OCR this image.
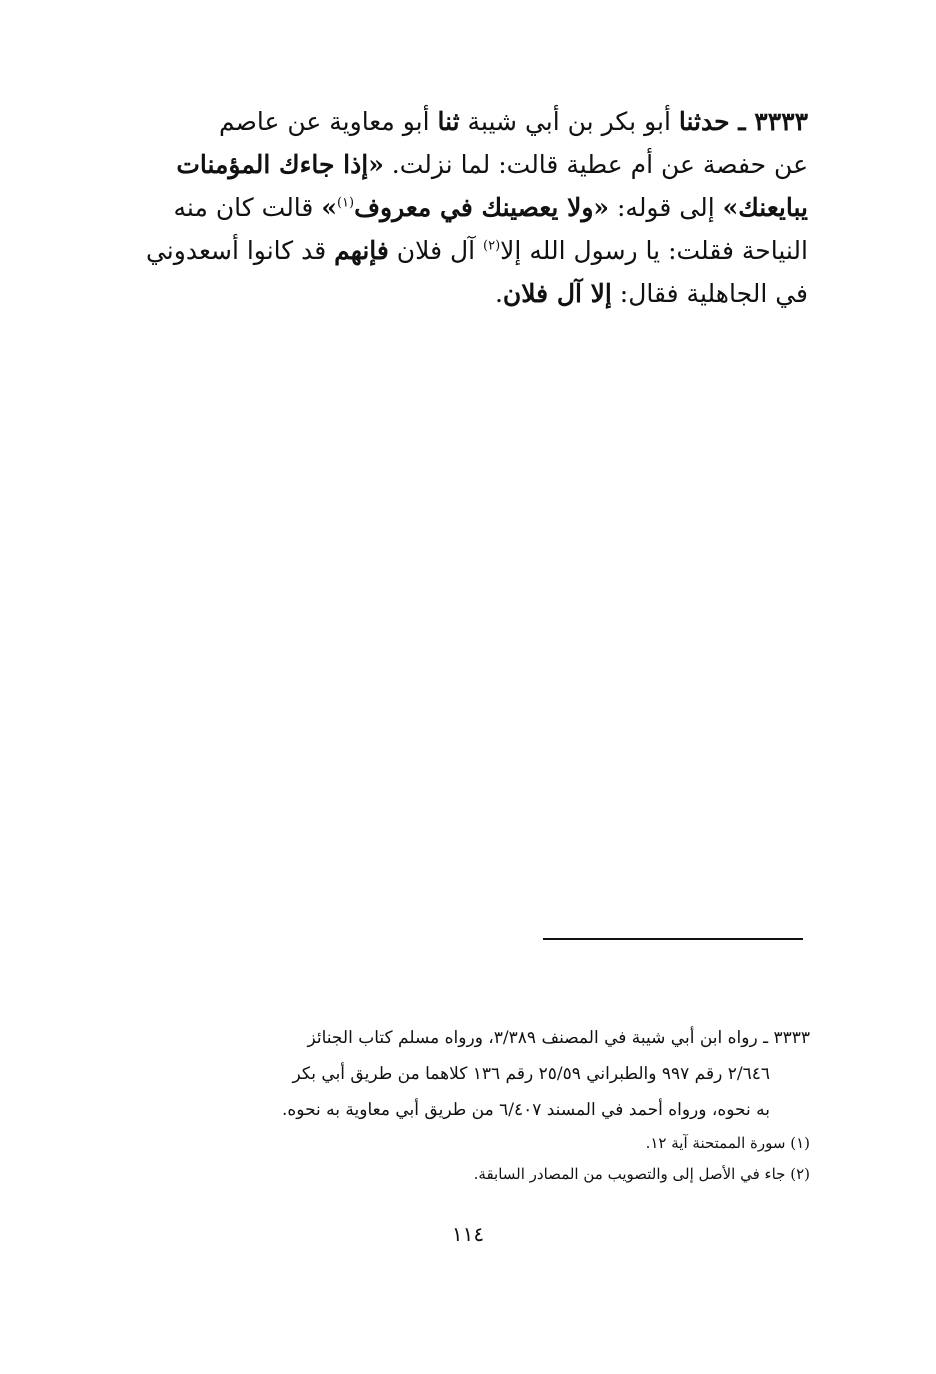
٣٣٣٣ ـ حدثنا أبو بكر بن أبي شيبة ثنا أبو معاوية عن عاصم
عن حفصة عن أم عطية قالت: لما نزلت. «إذا جاءك المؤمنات
يبايعنك» إلى قوله: «ولا يعصينك في معروف$^{(١)}$» قالت كان منه
النياحة فقلت: يا رسول الله إلا$^{(٢)}$ آل فلان فإنهم قد كانوا أسعدوني
في الجاهلية فقال: إلا آل فلان.
٣٣٣٣ ـ رواه ابن أبي شيبة في المصنف ٣/٣٨٩، ورواه مسلم كتاب الجنائز
٢/٦٤٦ رقم ٩٩٧ والطبراني ٢٥/٥٩ رقم ١٣٦ كلاهما من طريق أبي بكر
به نحوه، ورواه أحمد في المسند ٦/٤٠٧ من طريق أبي معاوية به نحوه.
(١) سورة الممتحنة آية ١٢.
(٢) جاء في الأصل إلى والتصويب من المصادر السابقة.
١١٤
